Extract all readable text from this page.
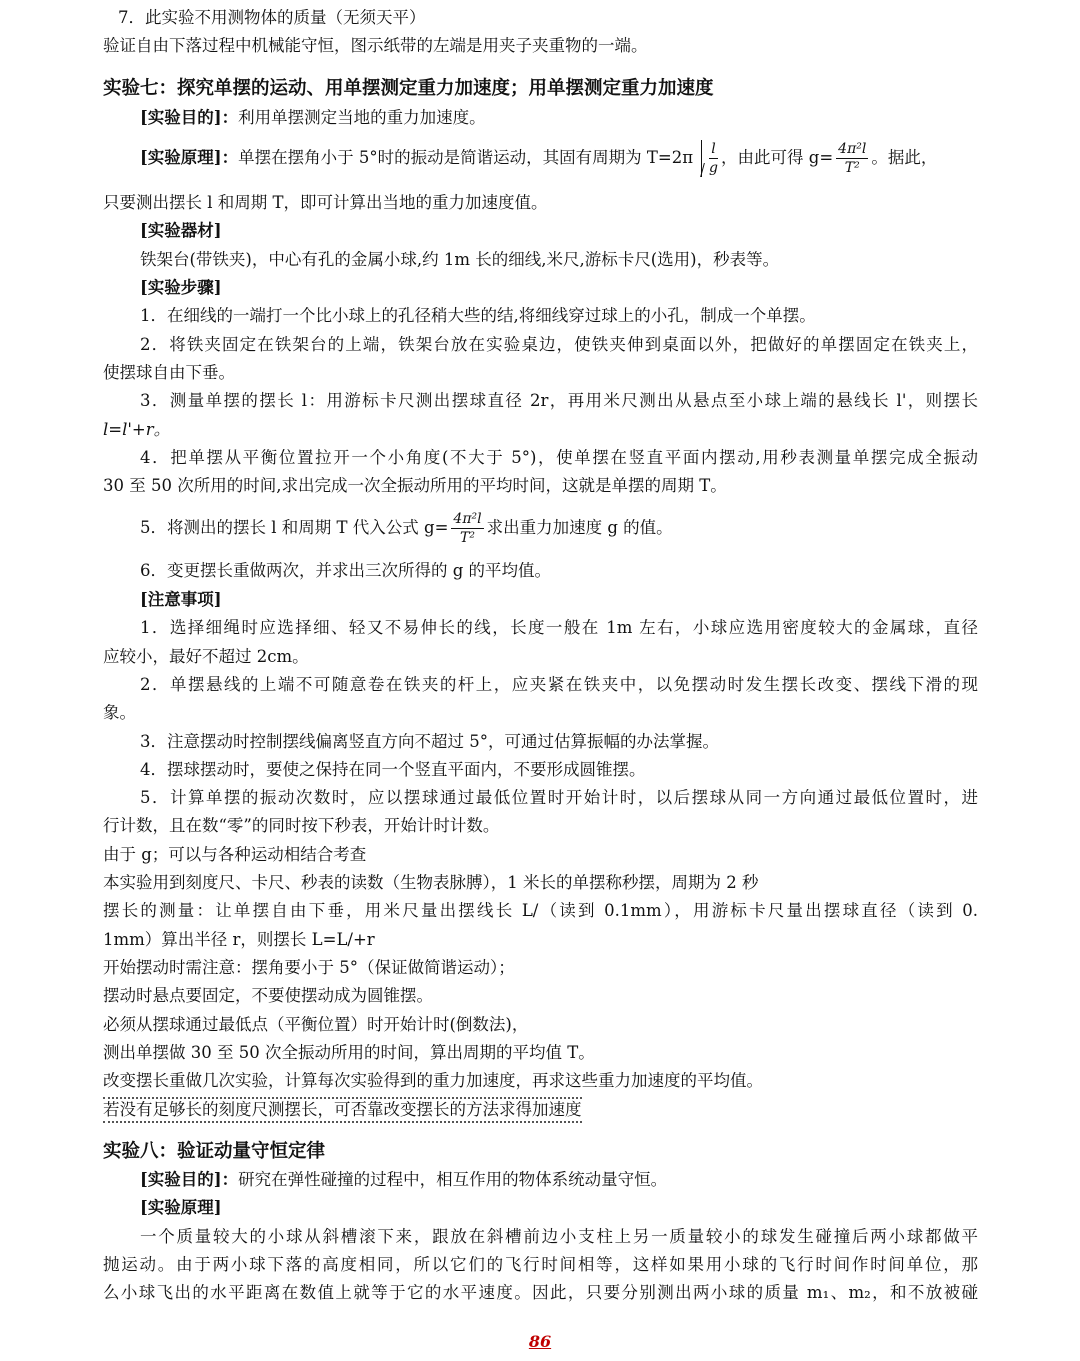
7．此实验不用测物体的质量（无须天平）
验证自由下落过程中机械能守恒，图示纸带的左端是用夹子夹重物的一端。
实验七：探究单摆的运动、用单摆测定重力加速度；用单摆测定重力加速度
[实验目的]：利用单摆测定当地的重力加速度。
[实验原理]：单摆在摆角小于 5°时的振动是简谐运动，其固有周期为 $T=2\pi \frac{l}{g}$ ，由此可得 $g= \frac{\text{4π²l}}{\text{T²}}$ 。据此，
只要测出摆长 l 和周期 T，即可计算出当地的重力加速度值。
[实验器材]
铁架台(带铁夹)，中心有孔的金属小球,约 1m 长的细线,米尺,游标卡尺(选用)，秒表等。
[实验步骤]
1．在细线的一端打一个比小球上的孔径稍大些的结,将细线穿过球上的小孔，制成一个单摆。
2．将铁夹固定在铁架台的上端，铁架台放在实验桌边，使铁夹伸到桌面以外，把做好的单摆固定在铁夹上，
使摆球自由下垂。
3．测量单摆的摆长 l：用游标卡尺测出摆球直径 2r，再用米尺测出从悬点至小球上端的悬线长 l'，则摆长
l=l'+r。
4．把单摆从平衡位置拉开一个小角度(不大于 5°)，使单摆在竖直平面内摆动,用秒表测量单摆完成全振动
30 至 50 次所用的时间,求出完成一次全振动所用的平均时间，这就是单摆的周期 T。
5．将测出的摆长 l 和周期 T 代入公式 $g= \frac{\text{4π²l}}{\text{T²}}$ 求出重力加速度 g 的值。
6．变更摆长重做两次，并求出三次所得的 g 的平均值。
[注意事项]
1．选择细绳时应选择细、轻又不易伸长的线，长度一般在 1m 左右，小球应选用密度较大的金属球，直径
应较小，最好不超过 2cm。
2．单摆悬线的上端不可随意卷在铁夹的杆上，应夹紧在铁夹中，以免摆动时发生摆长改变、摆线下滑的现
象。
3．注意摆动时控制摆线偏离竖直方向不超过 5°，可通过估算振幅的办法掌握。
4．摆球摆动时，要使之保持在同一个竖直平面内，不要形成圆锥摆。
5．计算单摆的振动次数时，应以摆球通过最低位置时开始计时，以后摆球从同一方向通过最低位置时，进
行计数，且在数“零”的同时按下秒表，开始计时计数。
由于 g；可以与各种运动相结合考查
本实验用到刻度尺、卡尺、秒表的读数（生物表脉膊），1 米长的单摆称秒摆，周期为 2 秒
摆长的测量：让单摆自由下垂，用米尺量出摆线长 L/（读到 0.1mm），用游标卡尺量出摆球直径（读到 0.
1mm）算出半径 r，则摆长 L=L/+r
开始摆动时需注意：摆角要小于 5°（保证做简谐运动）；
摆动时悬点要固定，不要使摆动成为圆锥摆。
必须从摆球通过最低点（平衡位置）时开始计时(倒数法)，
测出单摆做 30 至 50 次全振动所用的时间，算出周期的平均值 T。
改变摆长重做几次实验，计算每次实验得到的重力加速度，再求这些重力加速度的平均值。
若没有足够长的刻度尺测摆长，可否靠改变摆长的方法求得加速度
实验八：验证动量守恒定律
[实验目的]：研究在弹性碰撞的过程中，相互作用的物体系统动量守恒。
[实验原理]
一个质量较大的小球从斜槽滚下来，跟放在斜槽前边小支柱上另一质量较小的球发生碰撞后两小球都做平
抛运动。由于两小球下落的高度相同，所以它们的飞行时间相等，这样如果用小球的飞行时间作时间单位，那
么小球飞出的水平距离在数值上就等于它的水平速度。因此，只要分别测出两小球的质量 m₁、m₂，和不放被碰
86
